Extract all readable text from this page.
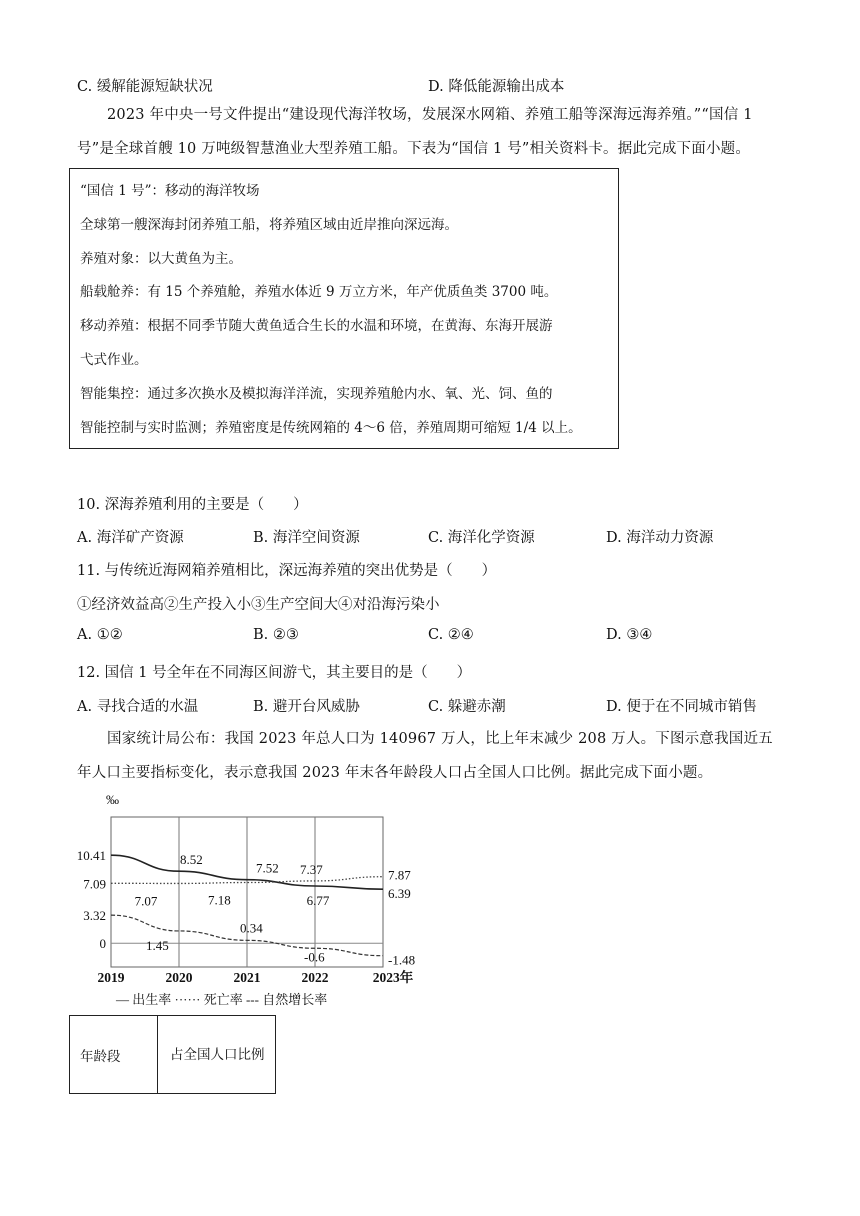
C. 缓解能源短缺状况	D. 降低能源输出成本
2023 年中央一号文件提出“建设现代海洋牧场，发展深水网箱、养殖工船等深海远海养殖。”“国信 1 号”是全球首艘 10 万吨级智慧渔业大型养殖工船。下表为“国信 1 号”相关资料卡。据此完成下面小题。
“国信 1 号”：移动的海洋牧场
全球第一艘深海封闭养殖工船，将养殖区域由近岸推向深远海。
养殖对象：以大黄鱼为主。
船载舱养：有 15 个养殖舱，养殖水体近 9 万立方米，年产优质鱼类 3700 吨。
移动养殖：根据不同季节随大黄鱼适合生长的水温和环境，在黄海、东海开展游
弋式作业。
智能集控：通过多次换水及模拟海洋洋流，实现养殖舱内水、氧、光、饲、鱼的
智能控制与实时监测；养殖密度是传统网箱的 4～6 倍，养殖周期可缩短 1/4 以上。
10. 深海养殖利用的主要是（　　）
A. 海洋矿产资源	B. 海洋空间资源	C. 海洋化学资源	D. 海洋动力资源
11. 与传统近海网箱养殖相比，深远海养殖的突出优势是（　　）
①经济效益高②生产投入小③生产空间大④对沿海污染小
A. ①②	B. ②③	C. ②④	D. ③④
12. 国信 1 号全年在不同海区间游弋，其主要目的是（　　）
A. 寻找合适的水温	B. 避开台风威胁	C. 躲避赤潮	D. 便于在不同城市销售
国家统计局公布：我国 2023 年总人口为 140967 万人，比上年末减少 208 万人。下图示意我国近五年人口主要指标变化，表示意我国 2023 年末各年龄段人口占全国人口比例。据此完成下面小题。
‰
10.41
7.09
3.32
0
2019	2020	2021	2022	2023年
8.52
7.52
6.77	6.39
7.07	7.18
7.37	7.87
1.45
0.34
-0.6	-1.48
— 出生率 ······ 死亡率 --- 自然增长率
年龄段	占全国人口比例
